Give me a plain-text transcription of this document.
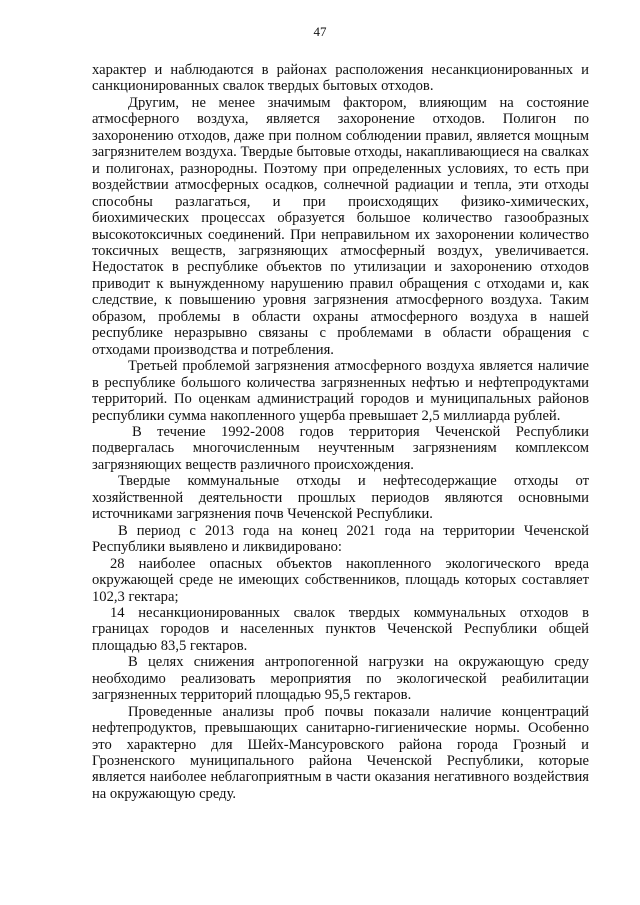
47

характер и наблюдаются в районах расположения несанкционированных и санкционированных свалок твердых бытовых отходов.

Другим, не менее значимым фактором, влияющим на состояние атмосферного воздуха, является захоронение отходов. Полигон по захоронению отходов, даже при полном соблюдении правил, является мощным загрязнителем воздуха. Твердые бытовые отходы, накапливающиеся на свалках и полигонах, разнородны. Поэтому при определенных условиях, то есть при воздействии атмосферных осадков, солнечной радиации и тепла, эти отходы способны разлагаться, и при происходящих физико-химических, биохимических процессах образуется большое количество газообразных высокотоксичных соединений. При неправильном их захоронении количество токсичных веществ, загрязняющих атмосферный воздух, увеличивается. Недостаток в республике объектов по утилизации и захоронению отходов приводит к вынужденному нарушению правил обращения с отходами и, как следствие, к повышению уровня загрязнения атмосферного воздуха. Таким образом, проблемы в области охраны атмосферного воздуха в нашей республике неразрывно связаны с проблемами в области обращения с отходами производства и потребления.

Третьей проблемой загрязнения атмосферного воздуха является наличие в республике большого количества загрязненных нефтью и нефтепродуктами территорий. По оценкам администраций городов и муниципальных районов республики сумма накопленного ущерба превышает 2,5 миллиарда рублей.

В течение 1992-2008 годов территория Чеченской Республики подвергалась многочисленным неучтенным загрязнениям комплексом загрязняющих веществ различного происхождения.

Твердые коммунальные отходы и нефтесодержащие отходы от хозяйственной деятельности прошлых периодов являются основными источниками загрязнения почв Чеченской Республики.

В период с 2013 года на конец 2021 года на территории Чеченской Республики выявлено и ликвидировано:

28 наиболее опасных объектов накопленного экологического вреда окружающей среде не имеющих собственников, площадь которых составляет 102,3 гектара;

14 несанкционированных свалок твердых коммунальных отходов в границах городов и населенных пунктов Чеченской Республики общей площадью 83,5 гектаров.

В целях снижения антропогенной нагрузки на окружающую среду необходимо реализовать мероприятия по экологической реабилитации загрязненных территорий площадью 95,5 гектаров.

Проведенные анализы проб почвы показали наличие концентраций нефтепродуктов, превышающих санитарно-гигиенические нормы. Особенно это характерно для Шейх-Мансуровского района города Грозный и Грозненского муниципального района Чеченской Республики, которые является наиболее неблагоприятным в части оказания негативного воздействия на окружающую среду.
